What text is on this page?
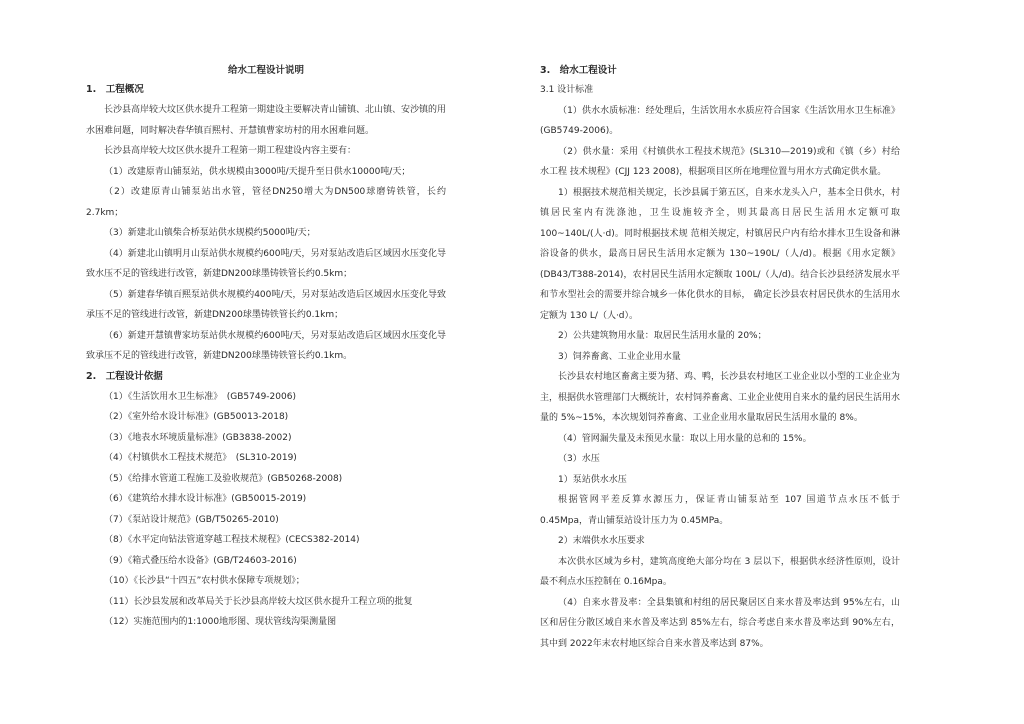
给水工程设计说明
1.　工程概况

长沙县高岸较大坟区供水提升工程第一期建设主要解决青山铺镇、北山镇、安沙镇的用水困难问题，同时解决春华镇百熙村、开慧镇曹家坊村的用水困难问题。

长沙县高岸较大坟区供水提升工程第一期工程建设内容主要有：

（1）改建原青山铺泵站，供水规模由3000吨/天提升至日供水10000吨/天；

（2）改建原青山铺泵站出水管，管径DN250增大为DN500球磨铸铁管，长约2.7km；

（3）新建北山镇柴合桥泵站供水规模约5000吨/天；

（4）新建北山镇明月山泵站供水规模约600吨/天，另对泵站改造后区域因水压变化导致水压不足的管线进行改管，新建DN200球墨铸铁管长约0.5km；

（5）新建春华镇百熙泵站供水规模约400吨/天，另对泵站改造后区域因水压变化导致承压不足的管线进行改管，新建DN200球墨铸铁管长约0.1km；

（6）新建开慧镇曹家坊泵站供水规模约600吨/天，另对泵站改造后区域因水压变化导致承压不足的管线进行改管，新建DN200球墨铸铁管长约0.1km。

2.　工程设计依据

（1）《生活饮用水卫生标准》　(GB5749-2006)

（2）《室外给水设计标准》(GB50013-2018)

（3）《地表水环境质量标准》(GB3838-2002)

（4）《村镇供水工程技术规范》　(SL310-2019)

（5）《给排水管道工程施工及验收规范》(GB50268-2008)

（6）《建筑给水排水设计标准》(GB50015-2019)

（7）《泵站设计规范》(GB/T50265-2010)

（8）《水平定向钻法管道穿越工程技术规程》(CECS382-2014)

（9）《箱式叠压给水设备》(GB/T24603-2016)

（10）《长沙县“十四五”农村供水保障专项规划》；

（11）长沙县发展和改革局关于长沙县高岸较大坟区供水提升工程立项的批复

（12）实施范围内的1:1000地形图、现状管线沟渠测量图

3.　给水工程设计

3.1 设计标准

（1）供水水质标准：经处理后，生活饮用水水质应符合国家《生活饮用水卫生标准》(GB5749-2006)。

（2）供水量：采用《村镇供水工程技术规范》(SL310—2019)或和《镇（乡）村给水工程 技术规程》(CJJ 123 2008)，根据项目区所在地理位置与用水方式确定供水量。

1）根据技术规范相关规定，长沙县属于第五区，自来水龙头入户，基本全日供水，村镇居民室内有洗涤池，卫生设施较齐全，则其最高日居民生活用水定额可取 100~140L/(人·d)。同时根据技术规 范相关规定，村镇居民户内有给水排水卫生设备和淋浴设备的供水，最高日居民生活用水定额为 130~190L/（人/d)。根据《用水定额》(DB43/T388-2014)，农村居民生活用水定额取 100L/（人/d)。结合长沙县经济发展水平和节水型社会的需要并综合城乡一体化供水的目标， 确定长沙县农村居民供水的生活用水定额为 130 L/（人·d）。

2）公共建筑物用水量：取居民生活用水量的 20%；

3）饲养畜禽、工业企业用水量

长沙县农村地区畜禽主要为猪、鸡、鸭，长沙县农村地区工业企业以小型的工业企业为主，根据供水管理部门大概统计，农村饲养畜禽、工业企业使用自来水的量约居民生活用水量的 5%~15%，本次规划饲养畜禽、工业企业用水量取居民生活用水量的 8%。

（4）管网漏失量及未预见水量：取以上用水量的总和的 15%。

（3）水压

1）泵站供水水压

根据管网平差反算水源压力，保证青山铺泵站至 107 国道节点水压不低于 0.45Mpa，青山铺泵站设计压力为 0.45MPa。

2）末端供水水压要求

本次供水区域为乡村，建筑高度绝大部分均在 3 层以下，根据供水经济性原则，设计最不利点水压控制在 0.16Mpa。

（4）自来水普及率：全县集镇和村组的居民聚居区自来水普及率达到 95%左右，山区和居住分散区域自来水普及率达到 85%左右，综合考虑自来水普及率达到 90%左右，其中到 2022年末农村地区综合自来水普及率达到 87%。
